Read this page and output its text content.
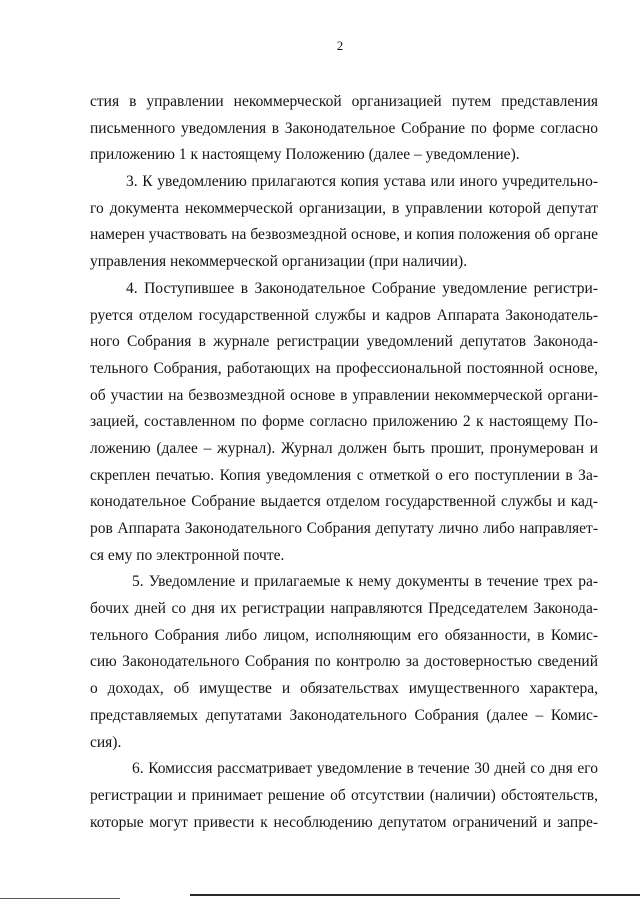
2
стия в управлении некоммерческой организацией путем представления
письменного уведомления в Законодательное Собрание по форме согласно
приложению 1 к настоящему Положению (далее – уведомление).
3. К уведомлению прилагаются копия устава или иного учредительно-
го документа некоммерческой организации, в управлении которой депутат
намерен участвовать на безвозмездной основе, и копия положения об органе
управления некоммерческой организации (при наличии).
4. Поступившее в Законодательное Собрание уведомление регистри-
руется отделом государственной службы и кадров Аппарата Законодатель-
ного Собрания в журнале регистрации уведомлений депутатов Законода-
тельного Собрания, работающих на профессиональной постоянной основе,
об участии на безвозмездной основе в управлении некоммерческой органи-
зацией, составленном по форме согласно приложению 2 к настоящему По-
ложению (далее – журнал). Журнал должен быть прошит, пронумерован и
скреплен печатью. Копия уведомления с отметкой о его поступлении в За-
конодательное Собрание выдается отделом государственной службы и кад-
ров Аппарата Законодательного Собрания депутату лично либо направляет-
ся ему по электронной почте.
5. Уведомление и прилагаемые к нему документы в течение трех ра-
бочих дней со дня их регистрации направляются Председателем Законода-
тельного Собрания либо лицом, исполняющим его обязанности, в Комис-
сию Законодательного Собрания по контролю за достоверностью сведений
о доходах, об имуществе и обязательствах имущественного характера,
представляемых депутатами Законодательного Собрания (далее – Комис-
сия).
6. Комиссия рассматривает уведомление в течение 30 дней со дня его
регистрации и принимает решение об отсутствии (наличии) обстоятельств,
которые могут привести к несоблюдению депутатом ограничений и запре-
